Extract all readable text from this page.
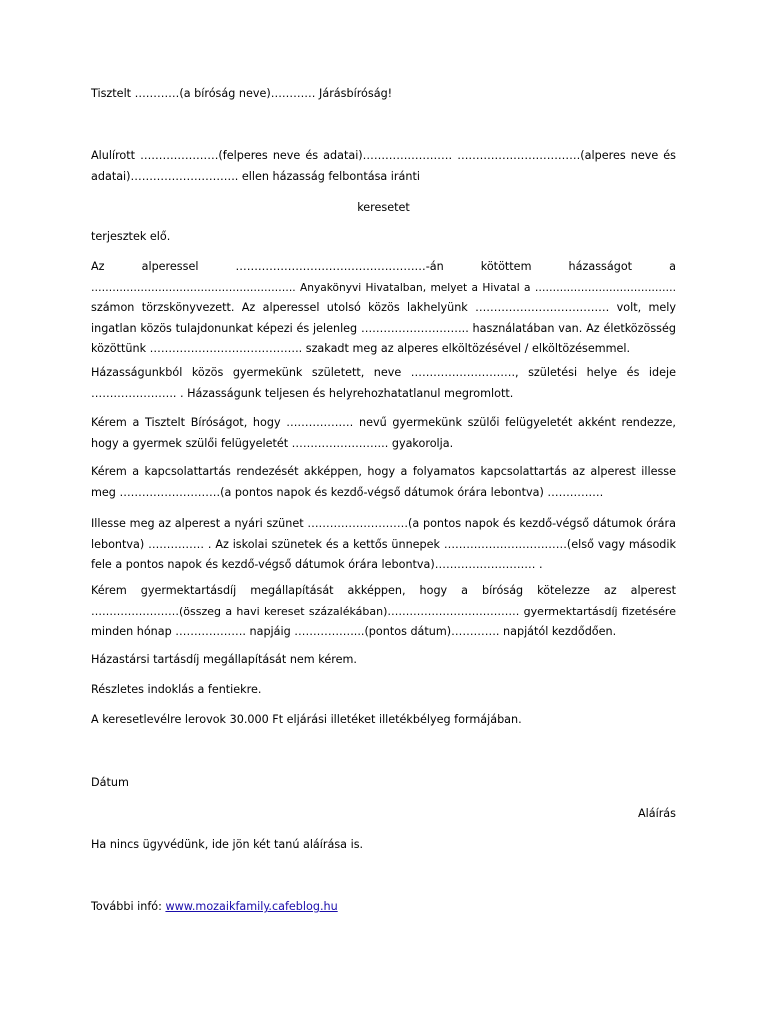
Tisztelt …………(a bíróság neve)………… Járásbíróság!

Alulírott …………………(felperes neve és adatai)…………………… ……………………………(alperes neve és
adatai)……………………….. ellen házasság felbontása iránti

keresetet

terjesztek elő.

Az alperessel ……………………………………………-án kötöttem házasságot a
…………………………………………………. Anyakönyvi Hivatalban, melyet a Hivatal a ………………………………….
számon törzskönyvezett. Az alperessel utolsó közös lakhelyünk ……………………………… volt, mely
ingatlan közös tulajdonunkat képezi és jelenleg ……………………….. használatában van. Az életközösség
közöttünk ………………………………….. szakadt meg az alperes elköltözésével / elköltözésemmel.

Házasságunkból közös gyermekünk született, neve ………………………., születési helye és ideje
………………….. . Házasságunk teljesen és helyrehozhatatlanul megromlott.

Kérem a Tisztelt Bíróságot, hogy ……………… nevű gyermekünk szülői felügyeletét akként rendezze,
hogy a gyermek szülői felügyeletét …………………….. gyakorolja.

Kérem a kapcsolattartás rendezését akképpen, hogy a folyamatos kapcsolattartás az alperest illesse
meg ………………………(a pontos napok és kezdő-végső dátumok órára lebontva) ……………

Illesse meg az alperest a nyári szünet ………………………(a pontos napok és kezdő-végső dátumok órára
lebontva) …………… . Az iskolai szünetek és a kettős ünnepek ……………………………(első vagy második
fele a pontos napok és kezdő-végső dátumok órára lebontva)……………………… .

Kérem gyermektartásdíj megállapítását akképpen, hogy a bíróság kötelezze az alperest
……………………(összeg a havi kereset százalékában)……………………………… gyermektartásdíj fizetésére
minden hónap ………………. napjáig ……………....(pontos dátum)…………. napjától kezdődően.

Házastársi tartásdíj megállapítását nem kérem.

Részletes indoklás a fentiekre.

A keresetlevélre lerovok 30.000 Ft eljárási illetéket illetékbélyeg formájában.

Dátum

Aláírás

Ha nincs ügyvédünk, ide jön két tanú aláírása is.

További infó: www.mozaikfamily.cafeblog.hu
